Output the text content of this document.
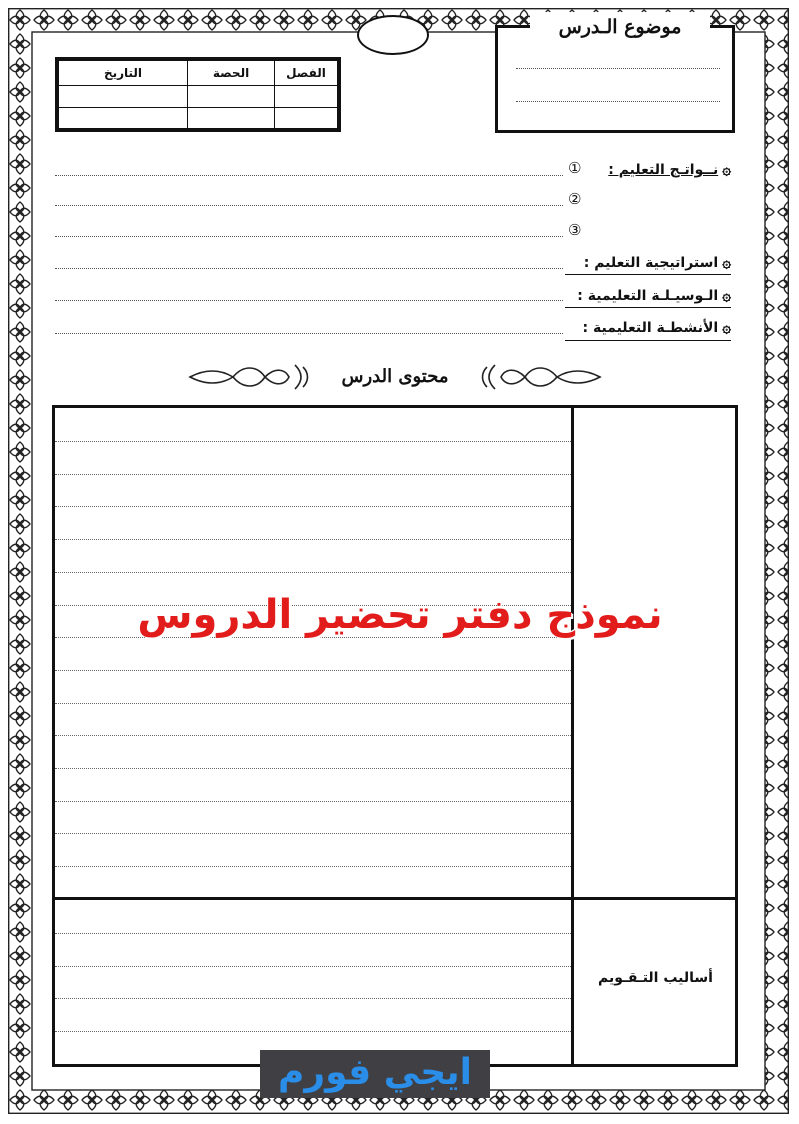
موضوع الـدرس
الفصل	الحصة	التاريخ

۞نــواتـج التعليم :
①
②
③
۞استراتيجية التعليم :
۞الـوسيـلـة التعليمية :
۞الأنشطـة التعليمية :
محتوى الدرس
أساليب التـقـويم
نموذج دفتر تحضير الدروس
ايجي فورم
